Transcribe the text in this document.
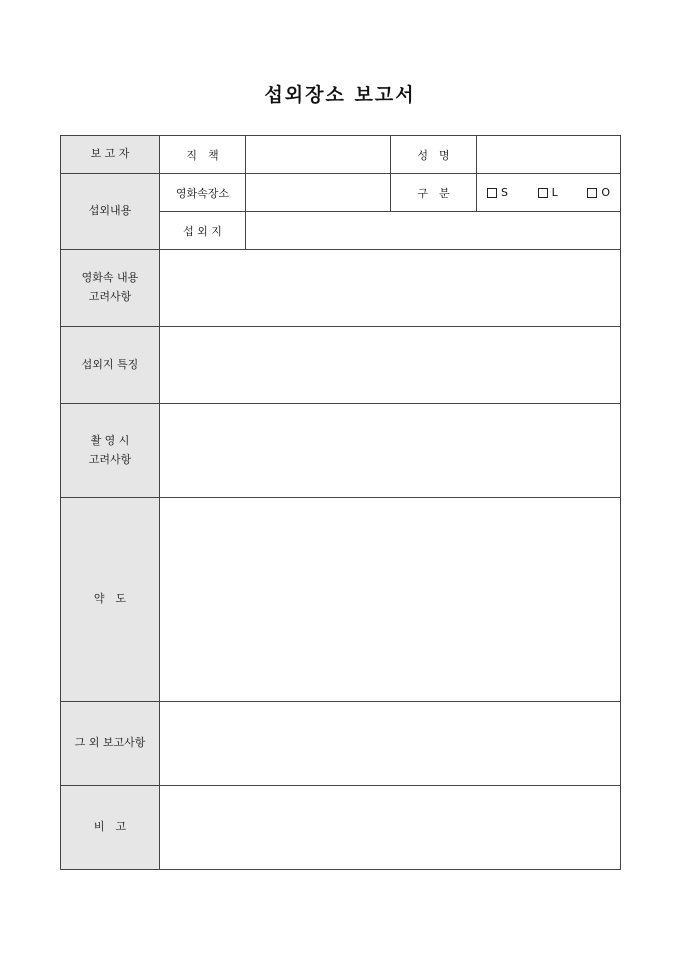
섭외장소 보고서
보 고 자	직　책		성　명	
섭외내용	영화속장소		구　분	S L O

	섭 외 지			

영화속 내용
고려사항				

섭외지 특징				

촬 영 시
고려사항				

약　도				
그 외 보고사항				
비　고				
